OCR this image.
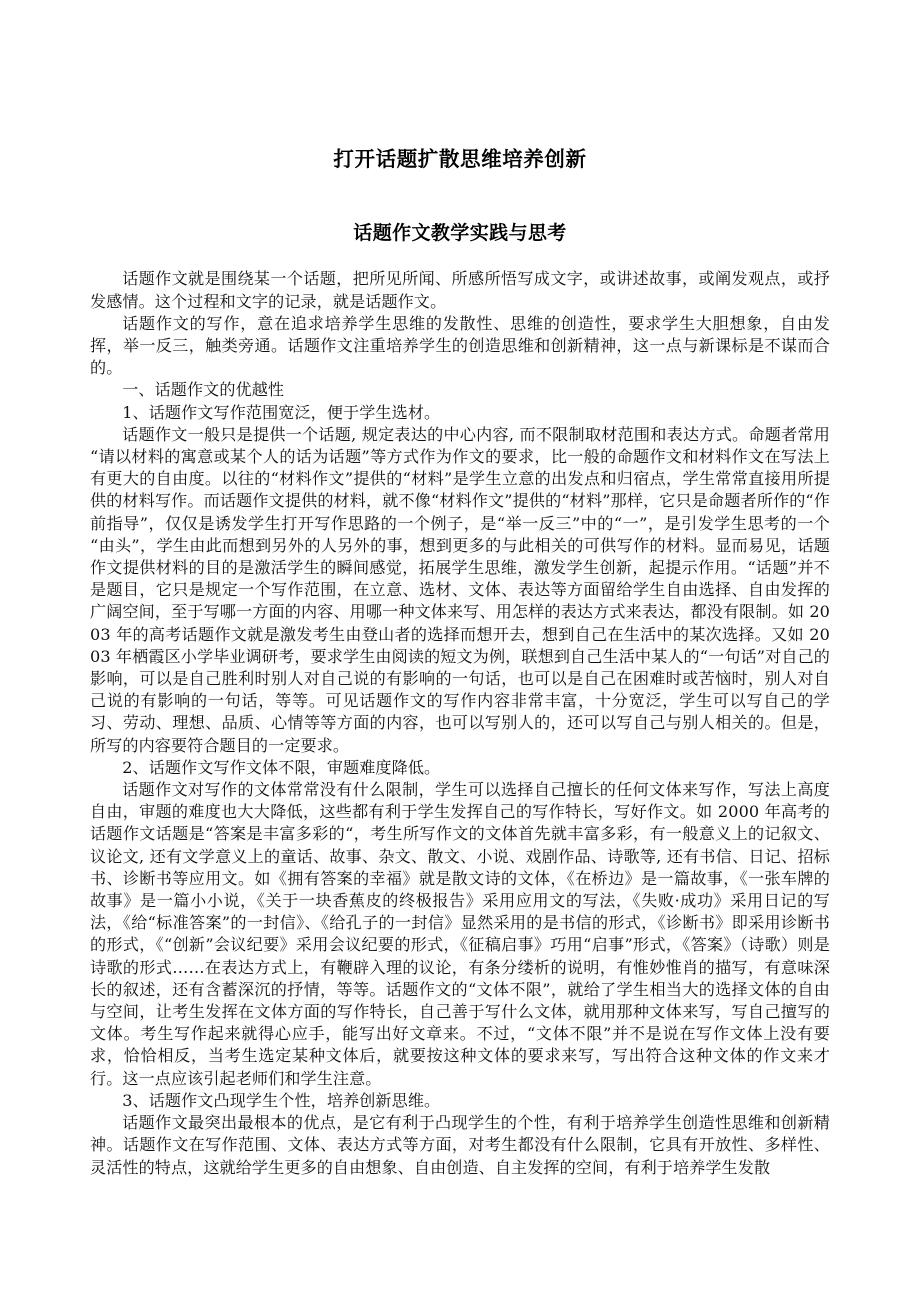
打开话题扩散思维培养创新
话题作文教学实践与思考

话题作文就是围绕某一个话题，把所见所闻、所感所悟写成文字，或讲述故事，或阐发观点，或抒发感情。这个过程和文字的记录，就是话题作文。

话题作文的写作，意在追求培养学生思维的发散性、思维的创造性，要求学生大胆想象，自由发挥，举一反三，触类旁通。话题作文注重培养学生的创造思维和创新精神，这一点与新课标是不谋而合的。

一、话题作文的优越性

1、话题作文写作范围宽泛，便于学生选材。

话题作文一般只是提供一个话题, 规定表达的中心内容, 而不限制取材范围和表达方式。命题者常用“请以材料的寓意或某个人的话为话题”等方式作为作文的要求，比一般的命题作文和材料作文在写法上有更大的自由度。以往的“材料作文”提供的“材料”是学生立意的出发点和归宿点，学生常常直接用所提供的材料写作。而话题作文提供的材料，就不像“材料作文”提供的“材料”那样，它只是命题者所作的“作前指导”，仅仅是诱发学生打开写作思路的一个例子，是“举一反三”中的“一”，是引发学生思考的一个“由头”，学生由此而想到另外的人另外的事，想到更多的与此相关的可供写作的材料。显而易见，话题作文提供材料的目的是激活学生的瞬间感觉，拓展学生思维，激发学生创新，起提示作用。“话题”并不是题目，它只是规定一个写作范围，在立意、选材、文体、表达等方面留给学生自由选择、自由发挥的广阔空间，至于写哪一方面的内容、用哪一种文体来写、用怎样的表达方式来表达，都没有限制。如 2003 年的高考话题作文就是激发考生由登山者的选择而想开去，想到自己在生活中的某次选择。又如 2003 年栖霞区小学毕业调研考，要求学生由阅读的短文为例，联想到自己生活中某人的“一句话”对自己的影响，可以是自己胜利时别人对自己说的有影响的一句话，也可以是自己在困难时或苦恼时，别人对自己说的有影响的一句话，等等。可见话题作文的写作内容非常丰富，十分宽泛，学生可以写自己的学习、劳动、理想、品质、心情等等方面的内容，也可以写别人的，还可以写自己与别人相关的。但是，所写的内容要符合题目的一定要求。

2、话题作文写作文体不限，审题难度降低。

话题作文对写作的文体常常没有什么限制，学生可以选择自己擅长的任何文体来写作，写法上高度自由，审题的难度也大大降低，这些都有利于学生发挥自己的写作特长，写好作文。如 2000 年高考的话题作文话题是“答案是丰富多彩的“，考生所写作文的文体首先就丰富多彩，有一般意义上的记叙文、议论文, 还有文学意义上的童话、故事、杂文、散文、小说、戏剧作品、诗歌等, 还有书信、日记、招标书、诊断书等应用文。如《拥有答案的幸福》就是散文诗的文体，《在桥边》是一篇故事，《一张车牌的故事》是一篇小小说，《关于一块香蕉皮的终极报告》采用应用文的写法，《失败·成功》采用日记的写法，《给“标准答案”的一封信》、《给孔子的一封信》显然采用的是书信的形式，《诊断书》即采用诊断书的形式，《“创新”会议纪要》采用会议纪要的形式，《征稿启事》巧用“启事”形式，《答案》（诗歌）则是诗歌的形式……在表达方式上，有鞭辟入理的议论，有条分缕析的说明，有惟妙惟肖的描写，有意味深长的叙述，还有含蓄深沉的抒情，等等。话题作文的“文体不限”，就给了学生相当大的选择文体的自由与空间，让考生发挥在文体方面的写作特长，自己善于写什么文体，就用那种文体来写，写自己擅写的文体。考生写作起来就得心应手，能写出好文章来。不过，“文体不限”并不是说在写作文体上没有要求，恰恰相反，当考生选定某种文体后，就要按这种文体的要求来写，写出符合这种文体的作文来才行。这一点应该引起老师们和学生注意。

3、话题作文凸现学生个性，培养创新思维。

话题作文最突出最根本的优点，是它有利于凸现学生的个性，有利于培养学生创造性思维和创新精神。话题作文在写作范围、文体、表达方式等方面，对考生都没有什么限制，它具有开放性、多样性、灵活性的特点，这就给学生更多的自由想象、自由创造、自主发挥的空间，有利于培养学生发散
